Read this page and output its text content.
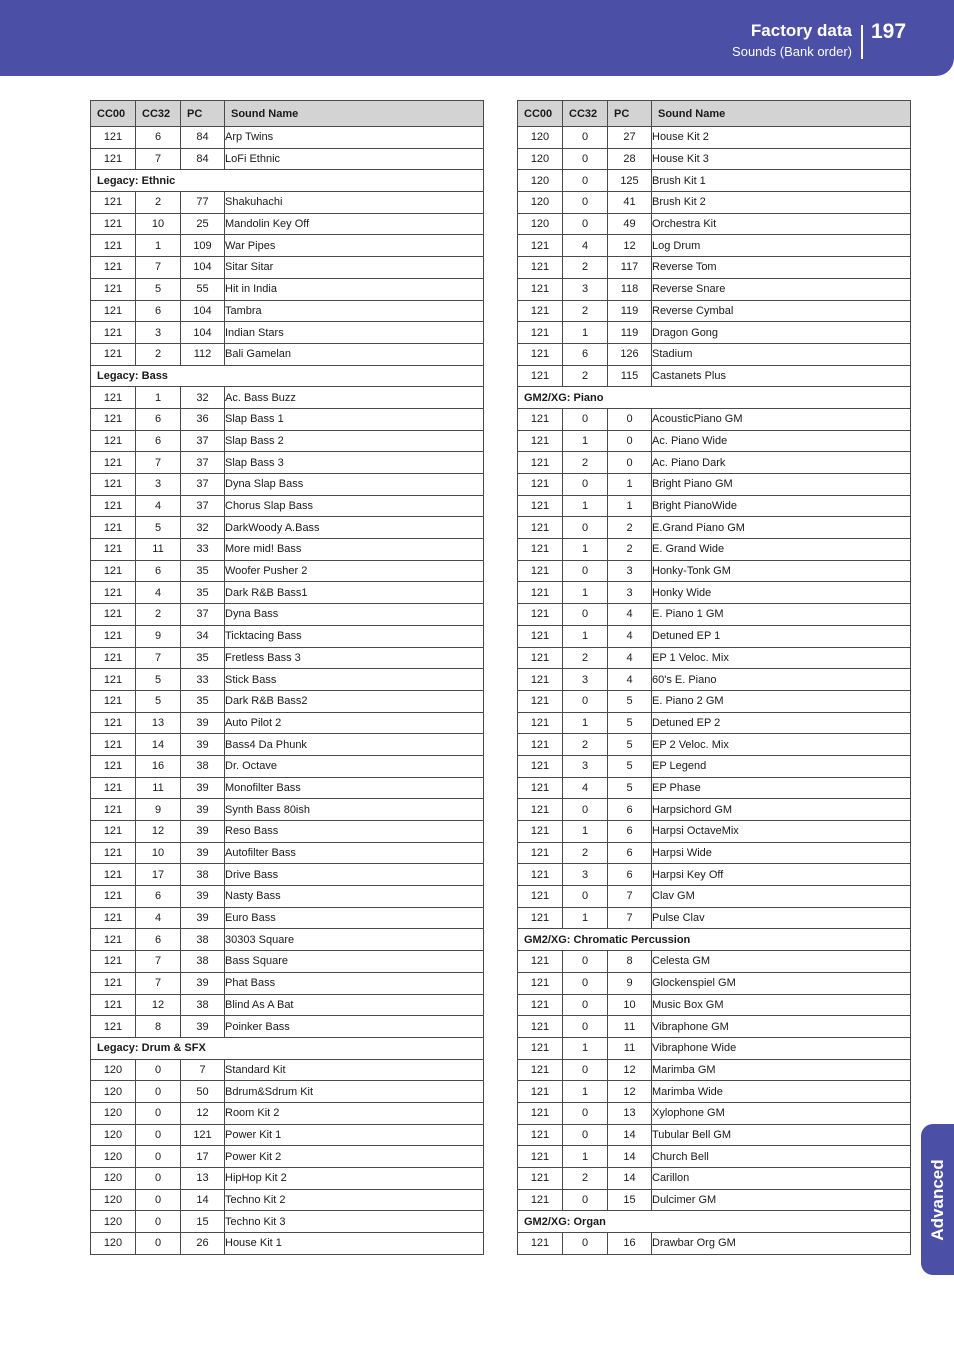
Factory data
Sounds (Bank order)
197
Advanced
CC00	CC32	PC	Sound Name
121	6	84	Arp Twins
121	7	84	LoFi Ethnic
Legacy: Ethnic			
121	2	77	Shakuhachi
121	10	25	Mandolin Key Off
121	1	109	War Pipes
121	7	104	Sitar Sitar
121	5	55	Hit in India
121	6	104	Tambra
121	3	104	Indian Stars
121	2	112	Bali Gamelan
Legacy: Bass			
121	1	32	Ac. Bass Buzz
121	6	36	Slap Bass 1
121	6	37	Slap Bass 2
121	7	37	Slap Bass 3
121	3	37	Dyna Slap Bass
121	4	37	Chorus Slap Bass
121	5	32	DarkWoody A.Bass
121	11	33	More mid! Bass
121	6	35	Woofer Pusher 2
121	4	35	Dark R&B Bass1
121	2	37	Dyna Bass
121	9	34	Ticktacing Bass
121	7	35	Fretless Bass 3
121	5	33	Stick Bass
121	5	35	Dark R&B Bass2
121	13	39	Auto Pilot 2
121	14	39	Bass4 Da Phunk
121	16	38	Dr. Octave
121	11	39	Monofilter Bass
121	9	39	Synth Bass 80ish
121	12	39	Reso Bass
121	10	39	Autofilter Bass
121	17	38	Drive Bass
121	6	39	Nasty Bass
121	4	39	Euro Bass
121	6	38	30303 Square
121	7	38	Bass Square
121	7	39	Phat Bass
121	12	38	Blind As A Bat
121	8	39	Poinker Bass
Legacy: Drum & SFX			
120	0	7	Standard Kit
120	0	50	Bdrum&Sdrum Kit
120	0	12	Room Kit 2
120	0	121	Power Kit 1
120	0	17	Power Kit 2
120	0	13	HipHop Kit 2
120	0	14	Techno Kit 2
120	0	15	Techno Kit 3
120	0	26	House Kit 1
CC00	CC32	PC	Sound Name
120	0	27	House Kit 2
120	0	28	House Kit 3
120	0	125	Brush Kit 1
120	0	41	Brush Kit 2
120	0	49	Orchestra Kit
121	4	12	Log Drum
121	2	117	Reverse Tom
121	3	118	Reverse Snare
121	2	119	Reverse Cymbal
121	1	119	Dragon Gong
121	6	126	Stadium
121	2	115	Castanets Plus
GM2/XG: Piano			
121	0	0	AcousticPiano GM
121	1	0	Ac. Piano Wide
121	2	0	Ac. Piano Dark
121	0	1	Bright Piano GM
121	1	1	Bright PianoWide
121	0	2	E.Grand Piano GM
121	1	2	E. Grand Wide
121	0	3	Honky-Tonk GM
121	1	3	Honky Wide
121	0	4	E. Piano 1 GM
121	1	4	Detuned EP 1
121	2	4	EP 1 Veloc. Mix
121	3	4	60's E. Piano
121	0	5	E. Piano 2 GM
121	1	5	Detuned EP 2
121	2	5	EP 2 Veloc. Mix
121	3	5	EP Legend
121	4	5	EP Phase
121	0	6	Harpsichord GM
121	1	6	Harpsi OctaveMix
121	2	6	Harpsi Wide
121	3	6	Harpsi Key Off
121	0	7	Clav GM
121	1	7	Pulse Clav
GM2/XG: Chromatic Percussion			
121	0	8	Celesta GM
121	0	9	Glockenspiel GM
121	0	10	Music Box GM
121	0	11	Vibraphone GM
121	1	11	Vibraphone Wide
121	0	12	Marimba GM
121	1	12	Marimba Wide
121	0	13	Xylophone GM
121	0	14	Tubular Bell GM
121	1	14	Church Bell
121	2	14	Carillon
121	0	15	Dulcimer GM
GM2/XG: Organ			
121	0	16	Drawbar Org GM
